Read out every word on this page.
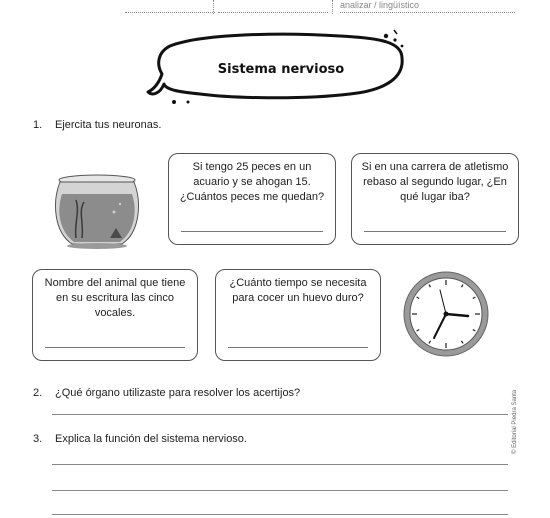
analizar / lingüístico
Sistema nervioso
1. Ejercita tus neuronas.
Si tengo 25 peces en un acuario y se ahogan 15. ¿Cuántos peces me quedan?
Si en una carrera de atletismo rebaso al segundo lugar, ¿En qué lugar iba?
Nombre del animal que tiene en su escritura las cinco vocales.
¿Cuánto tiempo se necesita para cocer un huevo duro?
2. ¿Qué órgano utilizaste para resolver los acertijos?
3. Explica la función del sistema nervioso.	© Editorial Piedra Santa
